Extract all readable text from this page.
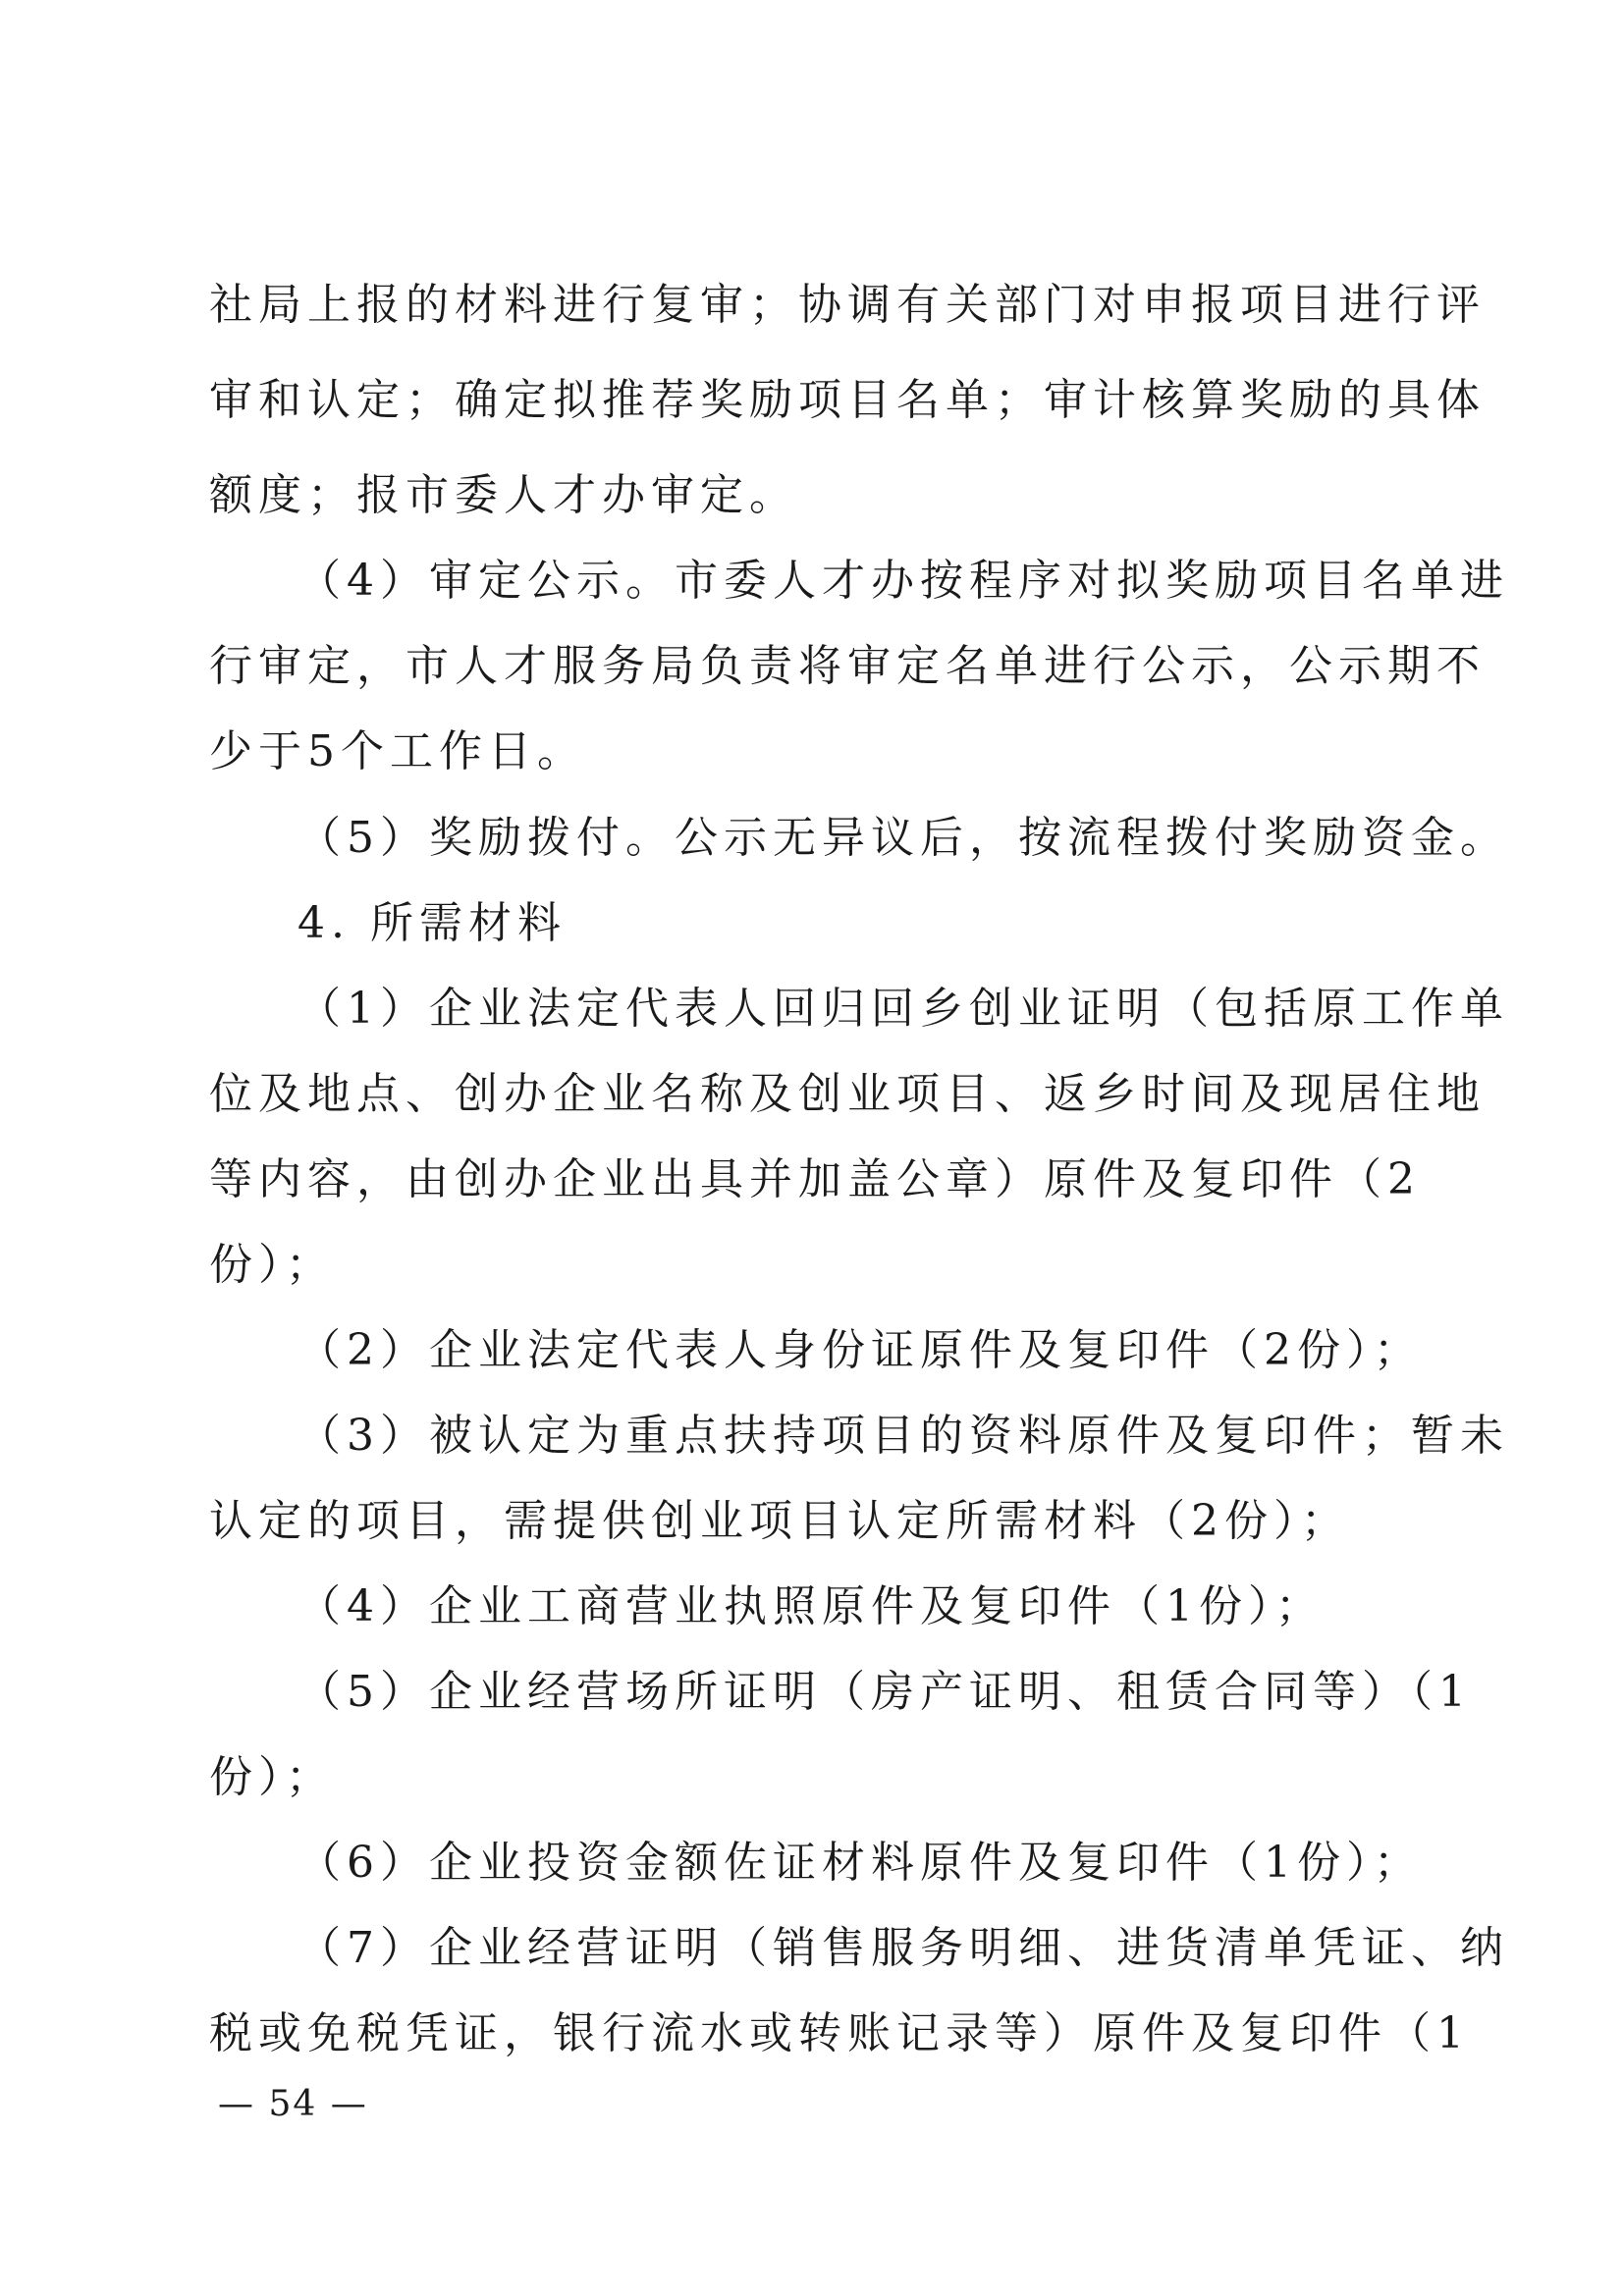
社局上报的材料进行复审；协调有关部门对申报项目进行评
审和认定；确定拟推荐奖励项目名单；审计核算奖励的具体
额度；报市委人才办审定。
（4）审定公示。市委人才办按程序对拟奖励项目名单进
行审定，市人才服务局负责将审定名单进行公示，公示期不
少于5个工作日。
（5）奖励拨付。公示无异议后，按流程拨付奖励资金。
4. 所需材料
（1）企业法定代表人回归回乡创业证明（包括原工作单
位及地点、创办企业名称及创业项目、返乡时间及现居住地
等内容，由创办企业出具并加盖公章）原件及复印件（2
份）；
（2）企业法定代表人身份证原件及复印件（2份）；
（3）被认定为重点扶持项目的资料原件及复印件；暂未
认定的项目，需提供创业项目认定所需材料（2份）；
（4）企业工商营业执照原件及复印件（1份）；
（5）企业经营场所证明（房产证明、租赁合同等）（1
份）；
（6）企业投资金额佐证材料原件及复印件（1份）；
（7）企业经营证明（销售服务明细、进货清单凭证、纳
税或免税凭证，银行流水或转账记录等）原件及复印件（1
— 54 —
